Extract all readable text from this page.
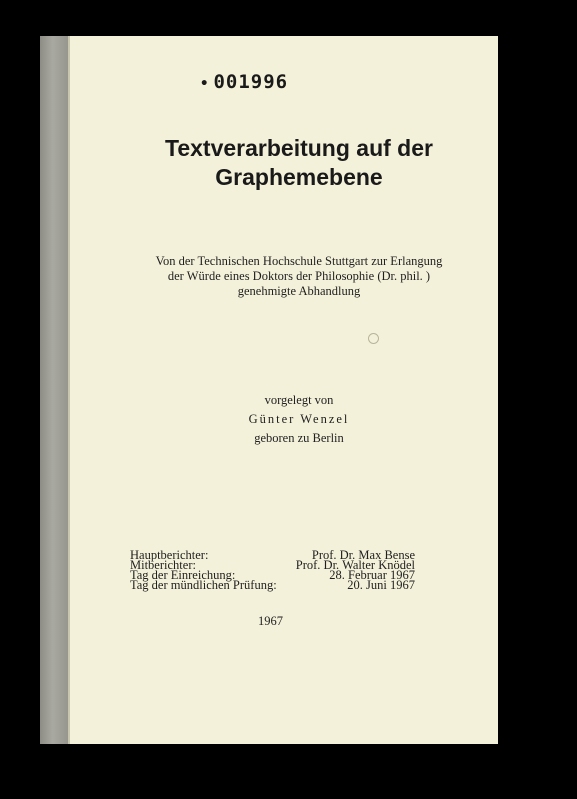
• 001996
Textverarbeitung auf der
Graphemebene
Von der Technischen Hochschule Stuttgart zur Erlangung
der Würde eines Doktors der Philosophie (Dr. phil. )
genehmigte Abhandlung
vorgelegt von
Günter Wenzel
geboren zu Berlin
Hauptberichter:	Prof. Dr. Max Bense
Mitberichter:	Prof. Dr. Walter Knödel
Tag der Einreichung:	28. Februar 1967
Tag der mündlichen Prüfung:	20. Juni 1967
1967
